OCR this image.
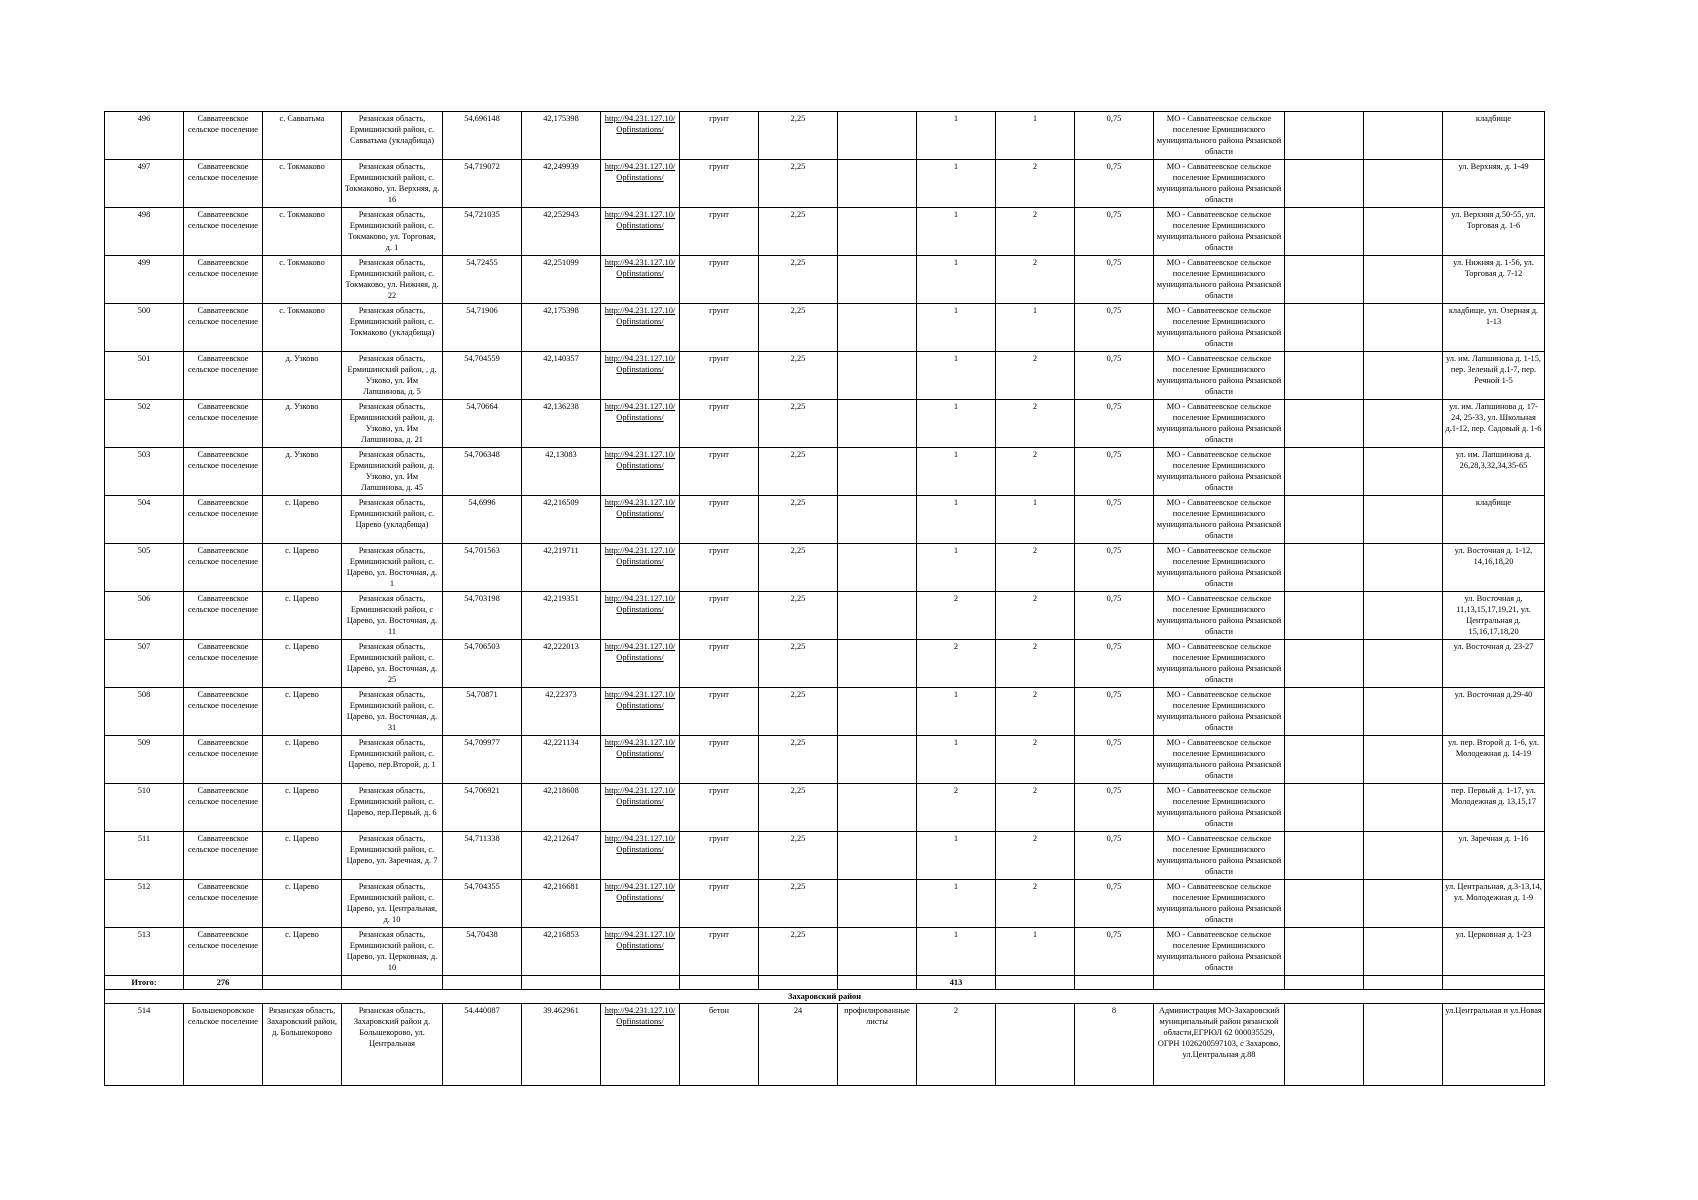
496	Савватеевское сельское поселение	с. Савватьма	Рязанская область, Ермишинский район, с. Савватьма (укладбища)	54,696148	42,175398	http://94.231.127.10/Opfinstations/	грунт	2,25		1	1	0,75	МО - Савватеевское сельское поселение Ермишинского муниципального района Рязанской области			кладбище
497	Савватеевское сельское поселение	с. Токмаково	Рязанская область, Ермишинский район, с. Токмаково, ул. Верхняя, д. 16	54,719072	42,249939	http://94.231.127.10/Opfinstations/	грунт	2,25		1	2	0,75	МО - Савватеевское сельское поселение Ермишинского муниципального района Рязанской области			ул. Верхняя, д. 1-49
498	Савватеевское сельское поселение	с. Токмаково	Рязанская область, Ермишинский район, с. Токмаково, ул. Торговая, д. 1	54,721035	42,252943	http://94.231.127.10/Opfinstations/	грунт	2,25		1	2	0,75	МО - Савватеевское сельское поселение Ермишинского муниципального района Рязанской области			ул. Верхняя д.50-55, ул. Торговая д. 1-6
499	Савватеевское сельское поселение	с. Токмаково	Рязанская область, Ермишинский район, с. Токмаково, ул. Нижняя, д. 22	54,72455	42,251099	http://94.231.127.10/Opfinstations/	грунт	2,25		1	2	0,75	МО - Савватеевское сельское поселение Ермишинского муниципального района Рязанской области			ул. Нижняя д. 1-56, ул. Торговая д. 7-12
500	Савватеевское сельское поселение	с. Токмаково	Рязанская область, Ермишинский район, с. Токмаково (укладбища)	54,71906	42,175398	http://94.231.127.10/Opfinstations/	грунт	2,25		1	1	0,75	МО - Савватеевское сельское поселение Ермишинского муниципального района Рязанской области			кладбище, ул. Озерная д. 1-13
501	Савватеевское сельское поселение	д. Узково	Рязанская область, Ермишинский район, , д. Узково, ул. Им Лапшинова, д. 5	54,704559	42,140357	http://94.231.127.10/Opfinstations/	грунт	2,25		1	2	0,75	МО - Савватеевское сельское поселение Ермишинского муниципального района Рязанской области			ул. им. Лапшинова д. 1-15, пер. Зеленый д.1-7, пер. Речной 1-5
502	Савватеевское сельское поселение	д. Узково	Рязанская область, Ермишинский район, д. Узково, ул. Им Лапшинова, д. 21	54,70664	42,136238	http://94.231.127.10/Opfinstations/	грунт	2,25		1	2	0,75	МО - Савватеевское сельское поселение Ермишинского муниципального района Рязанской области			ул. им. Лапшинова д. 17-24, 25-33, ул. Школьная д.1-12, пер. Садовый д. 1-6
503	Савватеевское сельское поселение	д. Узково	Рязанская область, Ермишинский район, д. Узково, ул. Им Лапшинова, д. 45	54,706348	42,13083	http://94.231.127.10/Opfinstations/	грунт	2,25		1	2	0,75	МО - Савватеевское сельское поселение Ермишинского муниципального района Рязанской области			ул. им. Лапшинова д. 26,28,3,32,34,35-65
504	Савватеевское сельское поселение	с. Царево	Рязанская область, Ермишинский район, с. Царево (укладбища)	54,6996	42,216509	http://94.231.127.10/Opfinstations/	грунт	2,25		1	1	0,75	МО - Савватеевское сельское поселение Ермишинского муниципального района Рязанской области			кладбище
505	Савватеевское сельское поселение	с. Царево	Рязанская область, Ермишинский район, с. Царево, ул. Восточная, д. 1	54,701563	42,219711	http://94.231.127.10/Opfinstations/	грунт	2,25		1	2	0,75	МО - Савватеевское сельское поселение Ермишинского муниципального района Рязанской области			ул. Восточная д. 1-12, 14,16,18,20
506	Савватеевское сельское поселение	с. Царево	Рязанская область, Ермишинский район, с Царево, ул. Восточная, д. 11	54,703198	42,219351	http://94.231.127.10/Opfinstations/	грунт	2,25		2	2	0,75	МО - Савватеевское сельское поселение Ермишинского муниципального района Рязанской области			ул. Восточная д. 11,13,15,17,19,21, ул. Центральная д. 15,16,17,18,20
507	Савватеевское сельское поселение	с. Царево	Рязанская область, Ермишинский район, с. Царево, ул. Восточная, д. 25	54,706503	42,222013	http://94.231.127.10/Opfinstations/	грунт	2,25		2	2	0,75	МО - Савватеевское сельское поселение Ермишинского муниципального района Рязанской области			ул. Восточная д. 23-27
508	Савватеевское сельское поселение	с. Царево	Рязанская область, Ермишинский район, с. Царево, ул. Восточная, д. 31	54,70871	42,22373	http://94.231.127.10/Opfinstations/	грунт	2,25		1	2	0,75	МО - Савватеевское сельское поселение Ермишинского муниципального района Рязанской области			ул. Восточная д.29-40
509	Савватеевское сельское поселение	с. Царево	Рязанская область, Ермишинский район, с. Царево, пер.Второй, д. 1	54,709977	42,221134	http://94.231.127.10/Opfinstations/	грунт	2,25		1	2	0,75	МО - Савватеевское сельское поселение Ермишинского муниципального района Рязанской области			ул. пер. Второй д. 1-6, ул. Молодежная д. 14-19
510	Савватеевское сельское поселение	с. Царево	Рязанская область, Ермишинский район, с. Царево, пер.Первый, д. 6	54,706921	42,218608	http://94.231.127.10/Opfinstations/	грунт	2,25		2	2	0,75	МО - Савватеевское сельское поселение Ермишинского муниципального района Рязанской области			пер. Первый д. 1-17, ул. Молодежная д. 13,15,17
511	Савватеевское сельское поселение	с. Царево	Рязанская область, Ермишинский район, с. Царево, ул. Заречная, д. 7	54,711338	42,212647	http://94.231.127.10/Opfinstations/	грунт	2,25		1	2	0,75	МО - Савватеевское сельское поселение Ермишинского муниципального района Рязанской области			ул. Заречная д. 1-16
512	Савватеевское сельское поселение	с. Царево	Рязанская область, Ермишинский район, с. Царево, ул. Центральная, д. 10	54,704355	42,216681	http://94.231.127.10/Opfinstations/	грунт	2,25		1	2	0,75	МО - Савватеевское сельское поселение Ермишинского муниципального района Рязанской области			ул. Центральная, д.3-13,14, ул. Молодежная д. 1-9
513	Савватеевское сельское поселение	с. Царево	Рязанская область, Ермишинский район, с. Царево, ул. Церковная, д. 10	54,70438	42,216853	http://94.231.127.10/Opfinstations/	грунт	2,25		1	1	0,75	МО - Савватеевское сельское поселение Ермишинского муниципального района Рязанской области			ул. Церковная д. 1-23
Итого:	276									413						
Захаровский район																
514	Большекоровское сельское поселение	Рязанская область, Захаровский район, д. Большекорово	Рязанская область, Захаровский район д. Большекорово, ул. Центральная	54.440087	39.462961	http://94.231.127.10/Opfinstations/	бетон	24	профилированные листы	2		8	Администрация МО-Захаровский муниципальный район рязанской области,ЕГРЮЛ 62 000035529, ОГРН 1026200597103, с Захарово, ул.Центральная д.88			ул.Центральная и ул.Новая
